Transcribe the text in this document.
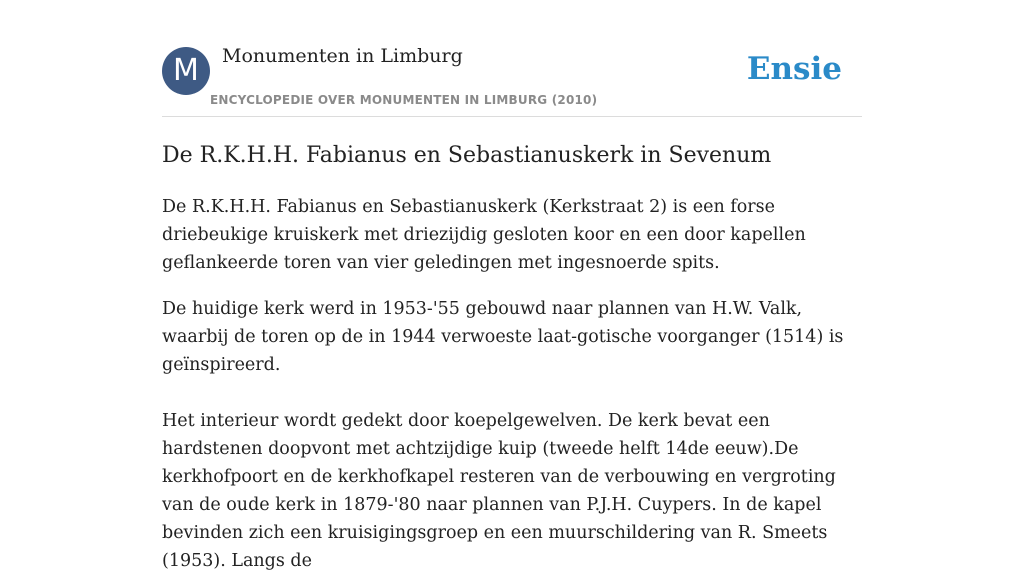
M	Monumenten in Limburg
ENCYCLOPEDIE OVER MONUMENTEN IN LIMBURG (2010)
Ensie
De R.K.H.H. Fabianus en Sebastianuskerk in Sevenum

De R.K.H.H. Fabianus en Sebastianuskerk (Kerkstraat 2) is een forse driebeukige kruiskerk met driezijdig gesloten koor en een door kapellen geflankeerde toren van vier geledingen met ingesnoerde spits.

De huidige kerk werd in 1953-'55 gebouwd naar plannen van H.W. Valk, waarbij de toren op de in 1944 verwoeste laat-gotische voorganger (1514) is geïnspireerd.

Het interieur wordt gedekt door koepelgewelven. De kerk bevat een hardstenen doopvont met achtzijdige kuip (tweede helft 14de eeuw).De kerkhofpoort en de kerkhofkapel resteren van de verbouwing en vergroting van de oude kerk in 1879-'80 naar plannen van P.J.H. Cuypers. In de kapel bevinden zich een kruisigingsgroep en een muurschildering van R. Smeets (1953). Langs de
